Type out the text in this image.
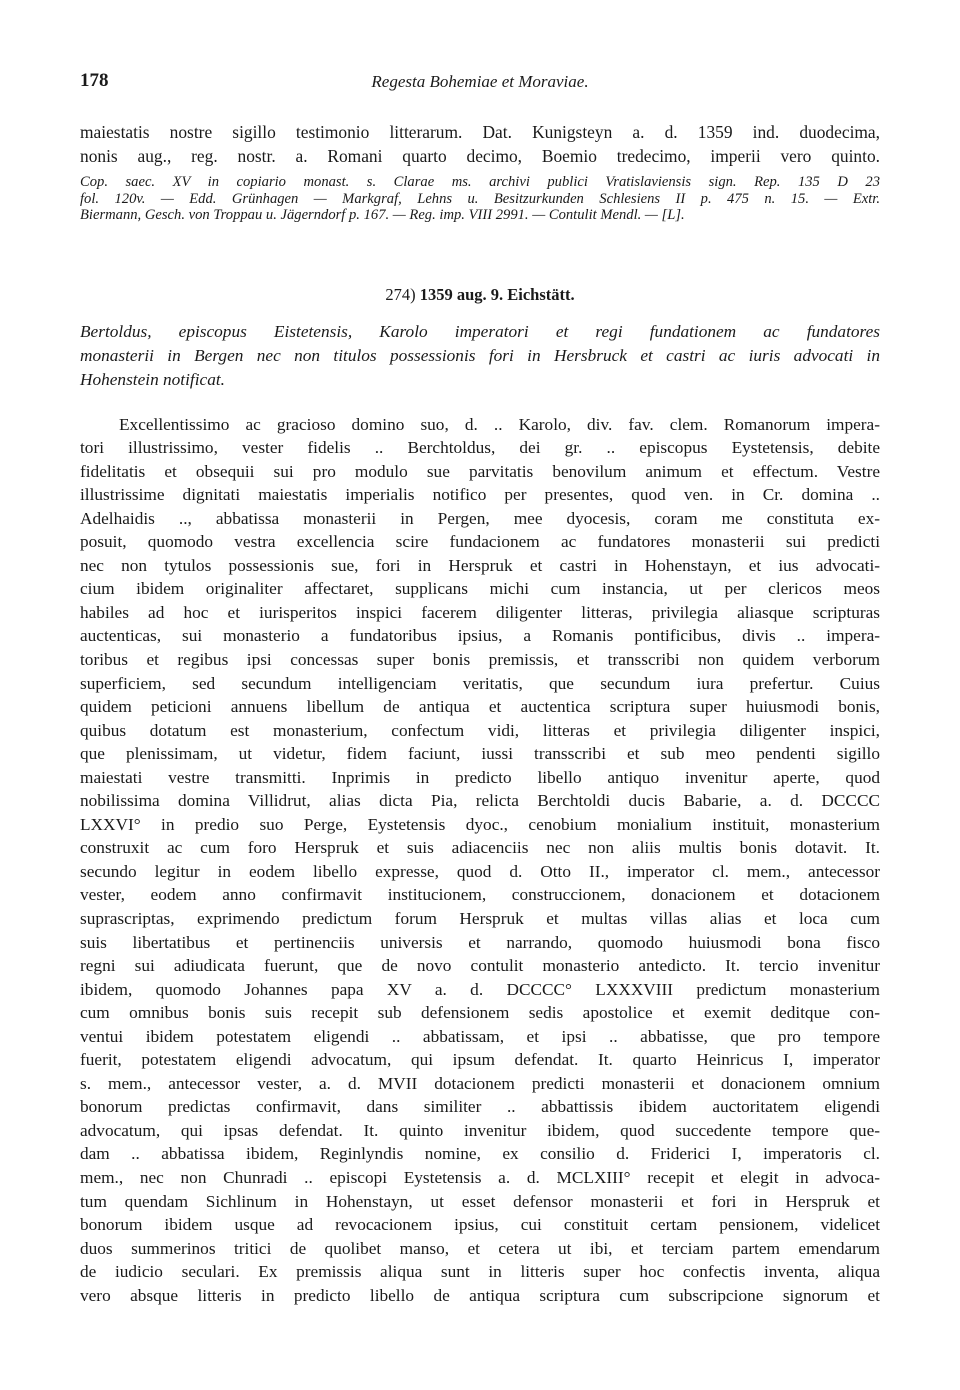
178	Regesta Bohemiae et Moraviae.
maiestatis nostre sigillo testimonio litterarum. Dat. Kunigsteyn a. d. 1359 ind. duodecima,
nonis aug., reg. nostr. a. Romani quarto decimo, Boemio tredecimo, imperii vero quinto.
Cop. saec. XV in copiario monast. s. Clarae ms. archivi publici Vratislaviensis sign. Rep. 135 D 23
fol. 120v. — Edd. Grünhagen — Markgraf, Lehns u. Besitzurkunden Schlesiens II p. 475 n. 15. — Extr.
Biermann, Gesch. von Troppau u. Jägerndorf p. 167. — Reg. imp. VIII 2991. — Contulit Mendl. — [L].
274) 1359 aug. 9. Eichstätt.
Bertoldus, episcopus Eistetensis, Karolo imperatori et regi fundationem ac fundatores
monasterii in Bergen nec non titulos possessionis fori in Hersbruck et castri ac iuris advocati in
Hohenstein notificat.
Excellentissimo ac gracioso domino suo, d. .. Karolo, div. fav. clem. Romanorum impera-
tori illustrissimo, vester fidelis .. Berchtoldus, dei gr. .. episcopus Eystetensis, debite
fidelitatis et obsequii sui pro modulo sue parvitatis benovilum animum et effectum. Vestre
illustrissime dignitati maiestatis imperialis notifico per presentes, quod ven. in Cr. domina ..
Adelhaidis .., abbatissa monasterii in Pergen, mee dyocesis, coram me constituta ex-
posuit, quomodo vestra excellencia scire fundacionem ac fundatores monasterii sui predicti
nec non tytulos possessionis sue, fori in Herspruk et castri in Hohenstayn, et ius advocati-
cium ibidem originaliter affectaret, supplicans michi cum instancia, ut per clericos meos
habiles ad hoc et iurisperitos inspici facerem diligenter litteras, privilegia aliasque scripturas
auctenticas, sui monasterio a fundatoribus ipsius, a Romanis pontificibus, divis .. impera-
toribus et regibus ipsi concessas super bonis premissis, et transscribi non quidem verborum
superficiem, sed secundum intelligenciam veritatis, que secundum iura prefertur. Cuius
quidem peticioni annuens libellum de antiqua et auctentica scriptura super huiusmodi bonis,
quibus dotatum est monasterium, confectum vidi, litteras et privilegia diligenter inspici,
que plenissimam, ut videtur, fidem faciunt, iussi transscribi et sub meo pendenti sigillo
maiestati vestre transmitti. Inprimis in predicto libello antiquo invenitur aperte, quod
nobilissima domina Villidrut, alias dicta Pia, relicta Berchtoldi ducis Babarie, a. d. DCCCC
LXXVI° in predio suo Perge, Eystetensis dyoc., cenobium monialium instituit, monasterium
construxit ac cum foro Herspruk et suis adiacenciis nec non aliis multis bonis dotavit. It.
secundo legitur in eodem libello expresse, quod d. Otto II., imperator cl. mem., antecessor
vester, eodem anno confirmavit institucionem, construccionem, donacionem et dotacionem
suprascriptas, exprimendo predictum forum Herspruk et multas villas alias et loca cum
suis libertatibus et pertinenciis universis et narrando, quomodo huiusmodi bona fisco
regni sui adiudicata fuerunt, que de novo contulit monasterio antedicto. It. tercio invenitur
ibidem, quomodo Johannes papa XV a. d. DCCCC° LXXXVIII predictum monasterium
cum omnibus bonis suis recepit sub defensionem sedis apostolice et exemit deditque con-
ventui ibidem potestatem eligendi .. abbatissam, et ipsi .. abbatisse, que pro tempore
fuerit, potestatem eligendi advocatum, qui ipsum defendat. It. quarto Heinricus I, imperator
s. mem., antecessor vester, a. d. MVII dotacionem predicti monasterii et donacionem omnium
bonorum predictas confirmavit, dans similiter .. abbattissis ibidem auctoritatem eligendi
advocatum, qui ipsas defendat. It. quinto invenitur ibidem, quod succedente tempore que-
dam .. abbatissa ibidem, Reginlyndis nomine, ex consilio d. Friderici I, imperatoris cl.
mem., nec non Chunradi .. episcopi Eystetensis a. d. MCLXIII° recepit et elegit in advoca-
tum quendam Sichlinum in Hohenstayn, ut esset defensor monasterii et fori in Herspruk et
bonorum ibidem usque ad revocacionem ipsius, cui constituit certam pensionem, videlicet
duos summerinos tritici de quolibet manso, et cetera ut ibi, et terciam partem emendarum
de iudicio seculari. Ex premissis aliqua sunt in litteris super hoc confectis inventa, aliqua
vero absque litteris in predicto libello de antiqua scriptura cum subscripcione signorum et
